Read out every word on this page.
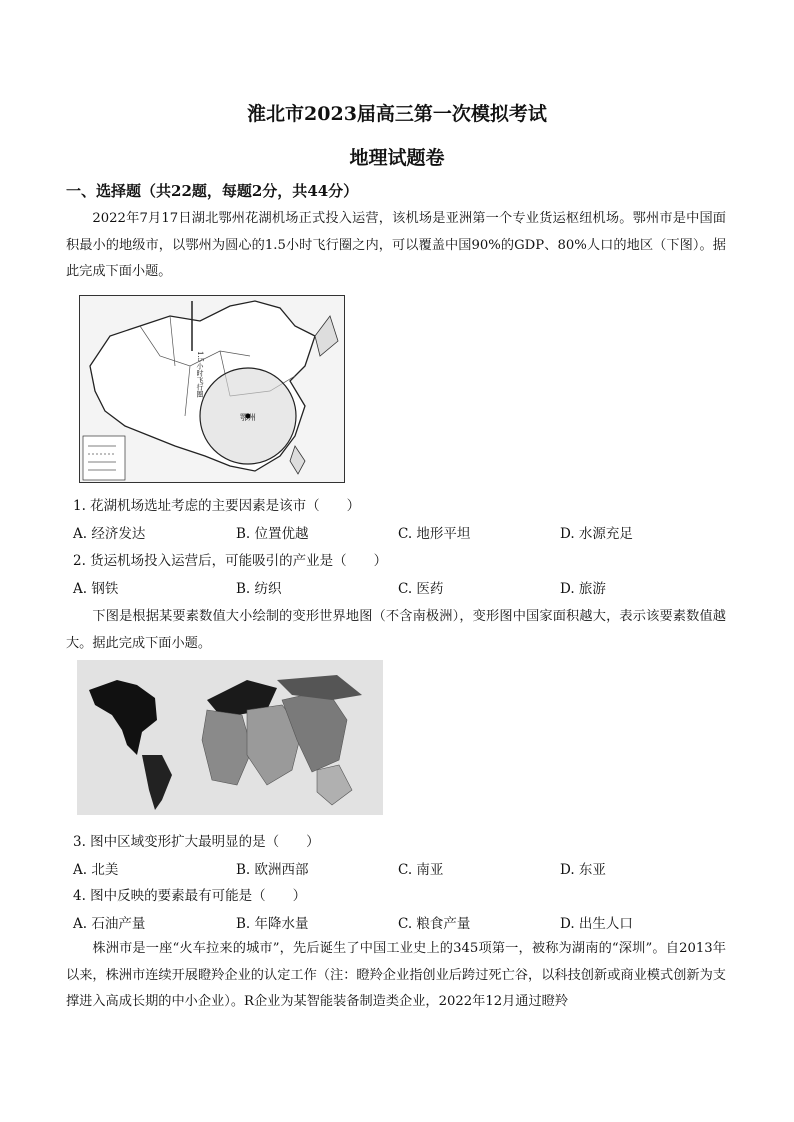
淮北市2023届高三第一次模拟考试
地理试题卷
一、选择题（共22题，每题2分，共44分）
2022年7月17日湖北鄂州花湖机场正式投入运营，该机场是亚洲第一个专业货运枢纽机场。鄂州市是中国面积最小的地级市，以鄂州为圆心的1.5小时飞行圈之内，可以覆盖中国90%的GDP、80%人口的地区（下图）。据此完成下面小题。
鄂州
1.5小时飞行圈
1. 花湖机场选址考虑的主要因素是该市（　　）
A. 经济发达	B. 位置优越	C. 地形平坦	D. 水源充足
2. 货运机场投入运营后，可能吸引的产业是（　　）
A. 钢铁	B. 纺织	C. 医药	D. 旅游
下图是根据某要素数值大小绘制的变形世界地图（不含南极洲），变形图中国家面积越大，表示该要素数值越大。据此完成下面小题。
3. 图中区域变形扩大最明显的是（　　）
A. 北美	B. 欧洲西部	C. 南亚	D. 东亚
4. 图中反映的要素最有可能是（　　）
A. 石油产量	B. 年降水量	C. 粮食产量	D. 出生人口
株洲市是一座“火车拉来的城市”，先后诞生了中国工业史上的345项第一，被称为湖南的“深圳”。自2013年以来，株洲市连续开展瞪羚企业的认定工作（注：瞪羚企业指创业后跨过死亡谷，以科技创新或商业模式创新为支撑进入高成长期的中小企业）。R企业为某智能装备制造类企业，2022年12月通过瞪羚
